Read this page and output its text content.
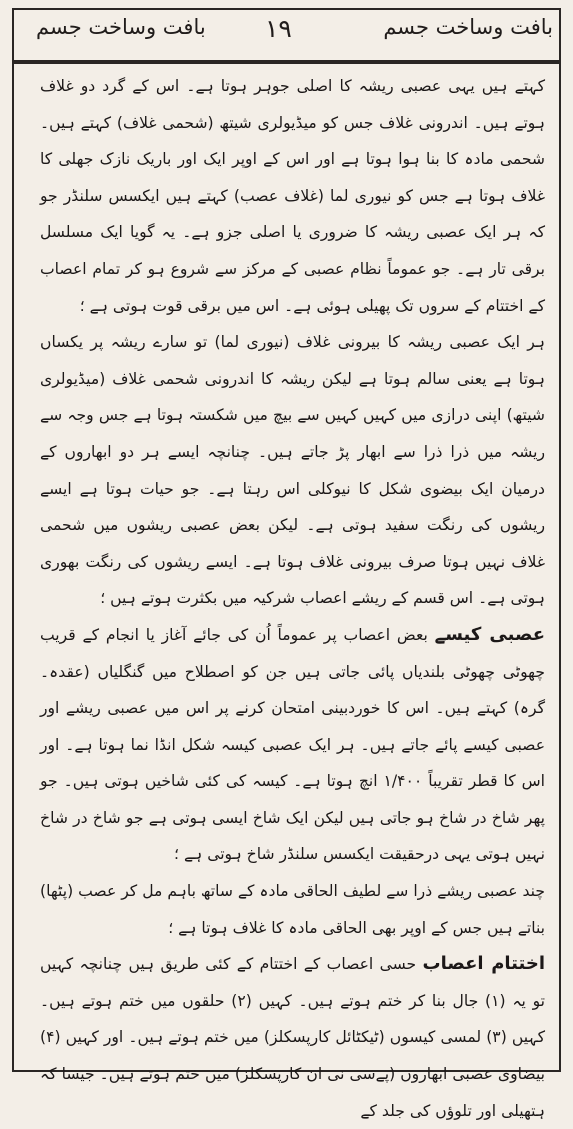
بافت وساخت جسم
۱۹
بافت وساخت جسم

کہتے ہیں یہی عصبی ریشہ کا اصلی جوہر ہوتا ہے۔ اس کے گرد دو غلاف ہوتے ہیں۔ اندرونی غلاف جس کو میڈیولری شیتھ (شحمی غلاف) کہتے ہیں۔ شحمی مادہ کا بنا ہوا ہوتا ہے اور اس کے اوپر ایک اور باریک نازک جھلی کا غلاف ہوتا ہے جس کو نیوری لما (غلاف عصب) کہتے ہیں ایکسس سلنڈر جو کہ ہر ایک عصبی ریشہ کا ضروری یا اصلی جزو ہے۔ یہ گویا ایک مسلسل برقی تار ہے۔ جو عموماً نظام عصبی کے مرکز سے شروع ہو کر تمام اعصاب کے اختتام کے سروں تک پھیلی ہوئی ہے۔ اس میں برقی قوت ہوتی ہے ؛

ہر ایک عصبی ریشہ کا بیرونی غلاف (نیوری لما) تو سارے ریشہ پر یکساں ہوتا ہے یعنی سالم ہوتا ہے لیکن ریشہ کا اندرونی شحمی غلاف (میڈیولری شیتھ) اپنی درازی میں کہیں کہیں سے بیچ میں شکستہ ہوتا ہے جس وجہ سے ریشہ میں ذرا ذرا سے ابھار پڑ جاتے ہیں۔ چنانچہ ایسے ہر دو ابھاروں کے درمیان ایک بیضوی شکل کا نیوکلی اس رہتا ہے۔ جو حیات ہوتا ہے ایسے ریشوں کی رنگت سفید ہوتی ہے۔ لیکن بعض عصبی ریشوں میں شحمی غلاف نہیں ہوتا صرف بیرونی غلاف ہوتا ہے۔ ایسے ریشوں کی رنگت بھوری ہوتی ہے۔ اس قسم کے ریشے اعصاب شرکیہ میں بکثرت ہوتے ہیں ؛

عصبی کیسے بعض اعصاب پر عموماً اُن کی جائے آغاز یا انجام کے قریب چھوٹی چھوٹی بلندیاں پائی جاتی ہیں جن کو اصطلاح میں گنگلیاں (عقدہ۔ گرہ) کہتے ہیں۔ اس کا خوردبینی امتحان کرنے پر اس میں عصبی ریشے اور عصبی کیسے پائے جاتے ہیں۔ ہر ایک عصبی کیسہ شکل انڈا نما ہوتا ہے۔ اور اس کا قطر تقریباً ۱/۴۰۰ انچ ہوتا ہے۔ کیسہ کی کئی شاخیں ہوتی ہیں۔ جو پھر شاخ در شاخ ہو جاتی ہیں لیکن ایک شاخ ایسی ہوتی ہے جو شاخ در شاخ نہیں ہوتی یہی درحقیقت ایکسس سلنڈر شاخ ہوتی ہے ؛

چند عصبی ریشے ذرا سے لطیف الحاقی مادہ کے ساتھ باہم مل کر عصب (پٹھا) بناتے ہیں جس کے اوپر بھی الحاقی مادہ کا غلاف ہوتا ہے ؛

اختتام اعصاب حسی اعصاب کے اختتام کے کئی طریق ہیں چنانچہ کہیں تو یہ (۱) جال بنا کر ختم ہوتے ہیں۔ کہیں (۲) حلقوں میں ختم ہوتے ہیں۔ کہیں (۳) لمسی کیسوں (ٹیکٹائل کارپسکلز) میں ختم ہوتے ہیں۔ اور کہیں (۴) بیضاوی عصبی ابھاروں (پےسی نی ان کارپسکلز) میں ختم ہوتے ہیں۔ جیسا کہ ہتھیلی اور تلوؤں کی جلد کے
